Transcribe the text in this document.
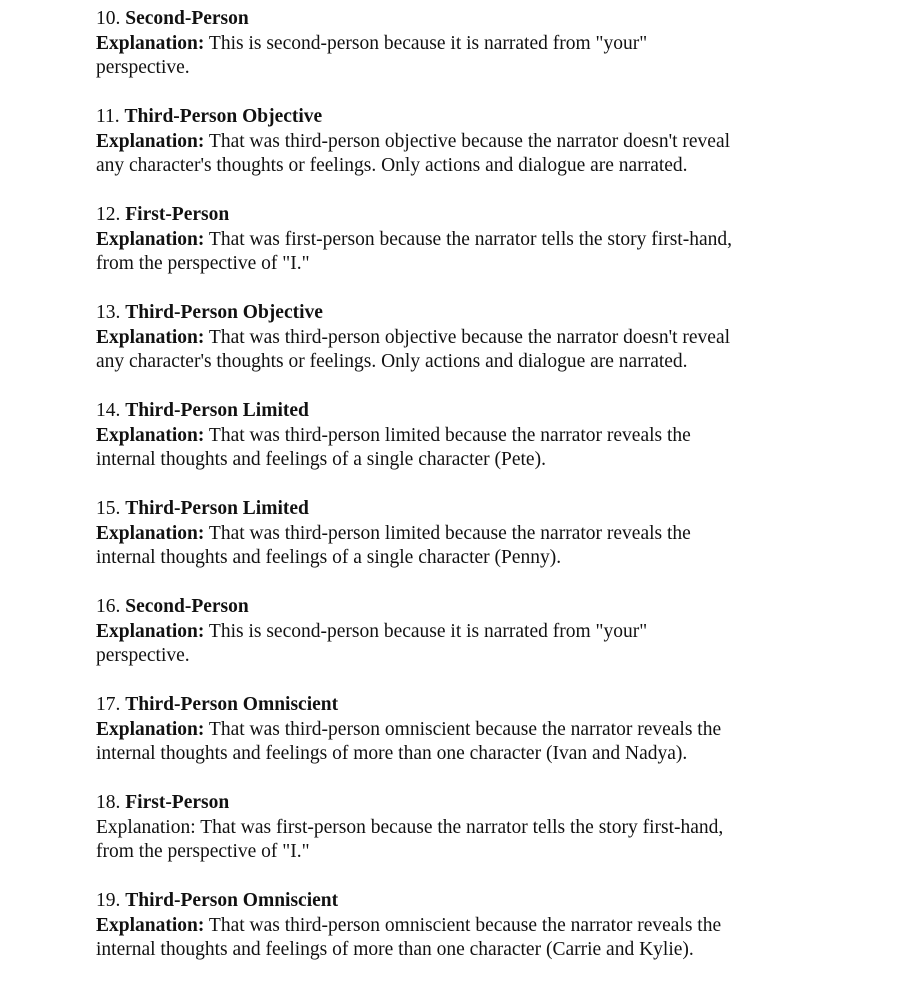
10. Second-Person
Explanation: This is second-person because it is narrated from "your"
perspective.
11. Third-Person Objective
Explanation: That was third-person objective because the narrator doesn't reveal
any character's thoughts or feelings. Only actions and dialogue are narrated.
12. First-Person
Explanation: That was first-person because the narrator tells the story first-hand,
from the perspective of "I."
13. Third-Person Objective
Explanation: That was third-person objective because the narrator doesn't reveal
any character's thoughts or feelings. Only actions and dialogue are narrated.
14. Third-Person Limited
Explanation: That was third-person limited because the narrator reveals the
internal thoughts and feelings of a single character (Pete).
15. Third-Person Limited
Explanation: That was third-person limited because the narrator reveals the
internal thoughts and feelings of a single character (Penny).
16. Second-Person
Explanation: This is second-person because it is narrated from "your"
perspective.
17. Third-Person Omniscient
Explanation: That was third-person omniscient because the narrator reveals the
internal thoughts and feelings of more than one character (Ivan and Nadya).
18. First-Person
Explanation: That was first-person because the narrator tells the story first-hand,
from the perspective of "I."
19. Third-Person Omniscient
Explanation: That was third-person omniscient because the narrator reveals the
internal thoughts and feelings of more than one character (Carrie and Kylie).
